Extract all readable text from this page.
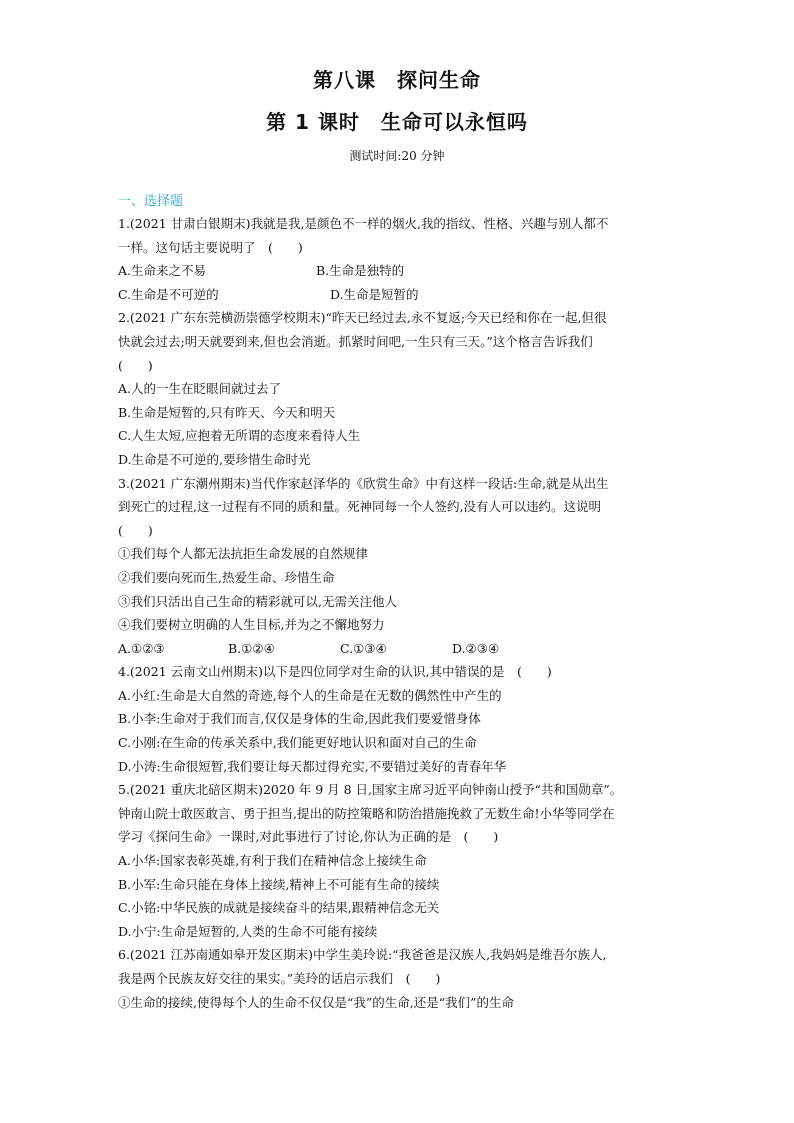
第八课　探问生命
第 1 课时　生命可以永恒吗
测试时间:20 分钟
一、选择题
1.(2021 甘肃白银期末)我就是我,是颜色不一样的烟火,我的指纹、性格、兴趣与别人都不
一样。这句话主要说明了　(　　)
A.生命来之不易	B.生命是独特的
C.生命是不可逆的	D.生命是短暂的
2.(2021 广东东莞横沥崇德学校期末)“昨天已经过去,永不复返;今天已经和你在一起,但很
快就会过去;明天就要到来,但也会消逝。抓紧时间吧,一生只有三天。”这个格言告诉我们
(　　)
A.人的一生在眨眼间就过去了
B.生命是短暂的,只有昨天、今天和明天
C.人生太短,应抱着无所谓的态度来看待人生
D.生命是不可逆的,要珍惜生命时光
3.(2021 广东潮州期末)当代作家赵泽华的《欣赏生命》中有这样一段话:生命,就是从出生
到死亡的过程,这一过程有不同的质和量。死神同每一个人签约,没有人可以违约。这说明
(　　)
①我们每个人都无法抗拒生命发展的自然规律
②我们要向死而生,热爱生命、珍惜生命
③我们只活出自己生命的精彩就可以,无需关注他人
④我们要树立明确的人生目标,并为之不懈地努力
A.①②③	B.①②④	C.①③④	D.②③④
4.(2021 云南文山州期末)以下是四位同学对生命的认识,其中错误的是　(　　)
A.小红:生命是大自然的奇迹,每个人的生命是在无数的偶然性中产生的
B.小李:生命对于我们而言,仅仅是身体的生命,因此我们要爱惜身体
C.小刚:在生命的传承关系中,我们能更好地认识和面对自己的生命
D.小涛:生命很短暂,我们要让每天都过得充实,不要错过美好的青春年华
5.(2021 重庆北碚区期末)2020 年 9 月 8 日,国家主席习近平向钟南山授予“共和国勋章”。
钟南山院士敢医敢言、勇于担当,提出的防控策略和防治措施挽救了无数生命!小华等同学在
学习《探问生命》一课时,对此事进行了讨论,你认为正确的是　(　　)
A.小华:国家表彰英雄,有利于我们在精神信念上接续生命
B.小军:生命只能在身体上接续,精神上不可能有生命的接续
C.小铭:中华民族的成就是接续奋斗的结果,跟精神信念无关
D.小宁:生命是短暂的,人类的生命不可能有接续
6.(2021 江苏南通如皋开发区期末)中学生美玲说:“我爸爸是汉族人,我妈妈是维吾尔族人,
我是两个民族友好交往的果实。”美玲的话启示我们　(　　)
①生命的接续,使得每个人的生命不仅仅是“我”的生命,还是“我们”的生命
